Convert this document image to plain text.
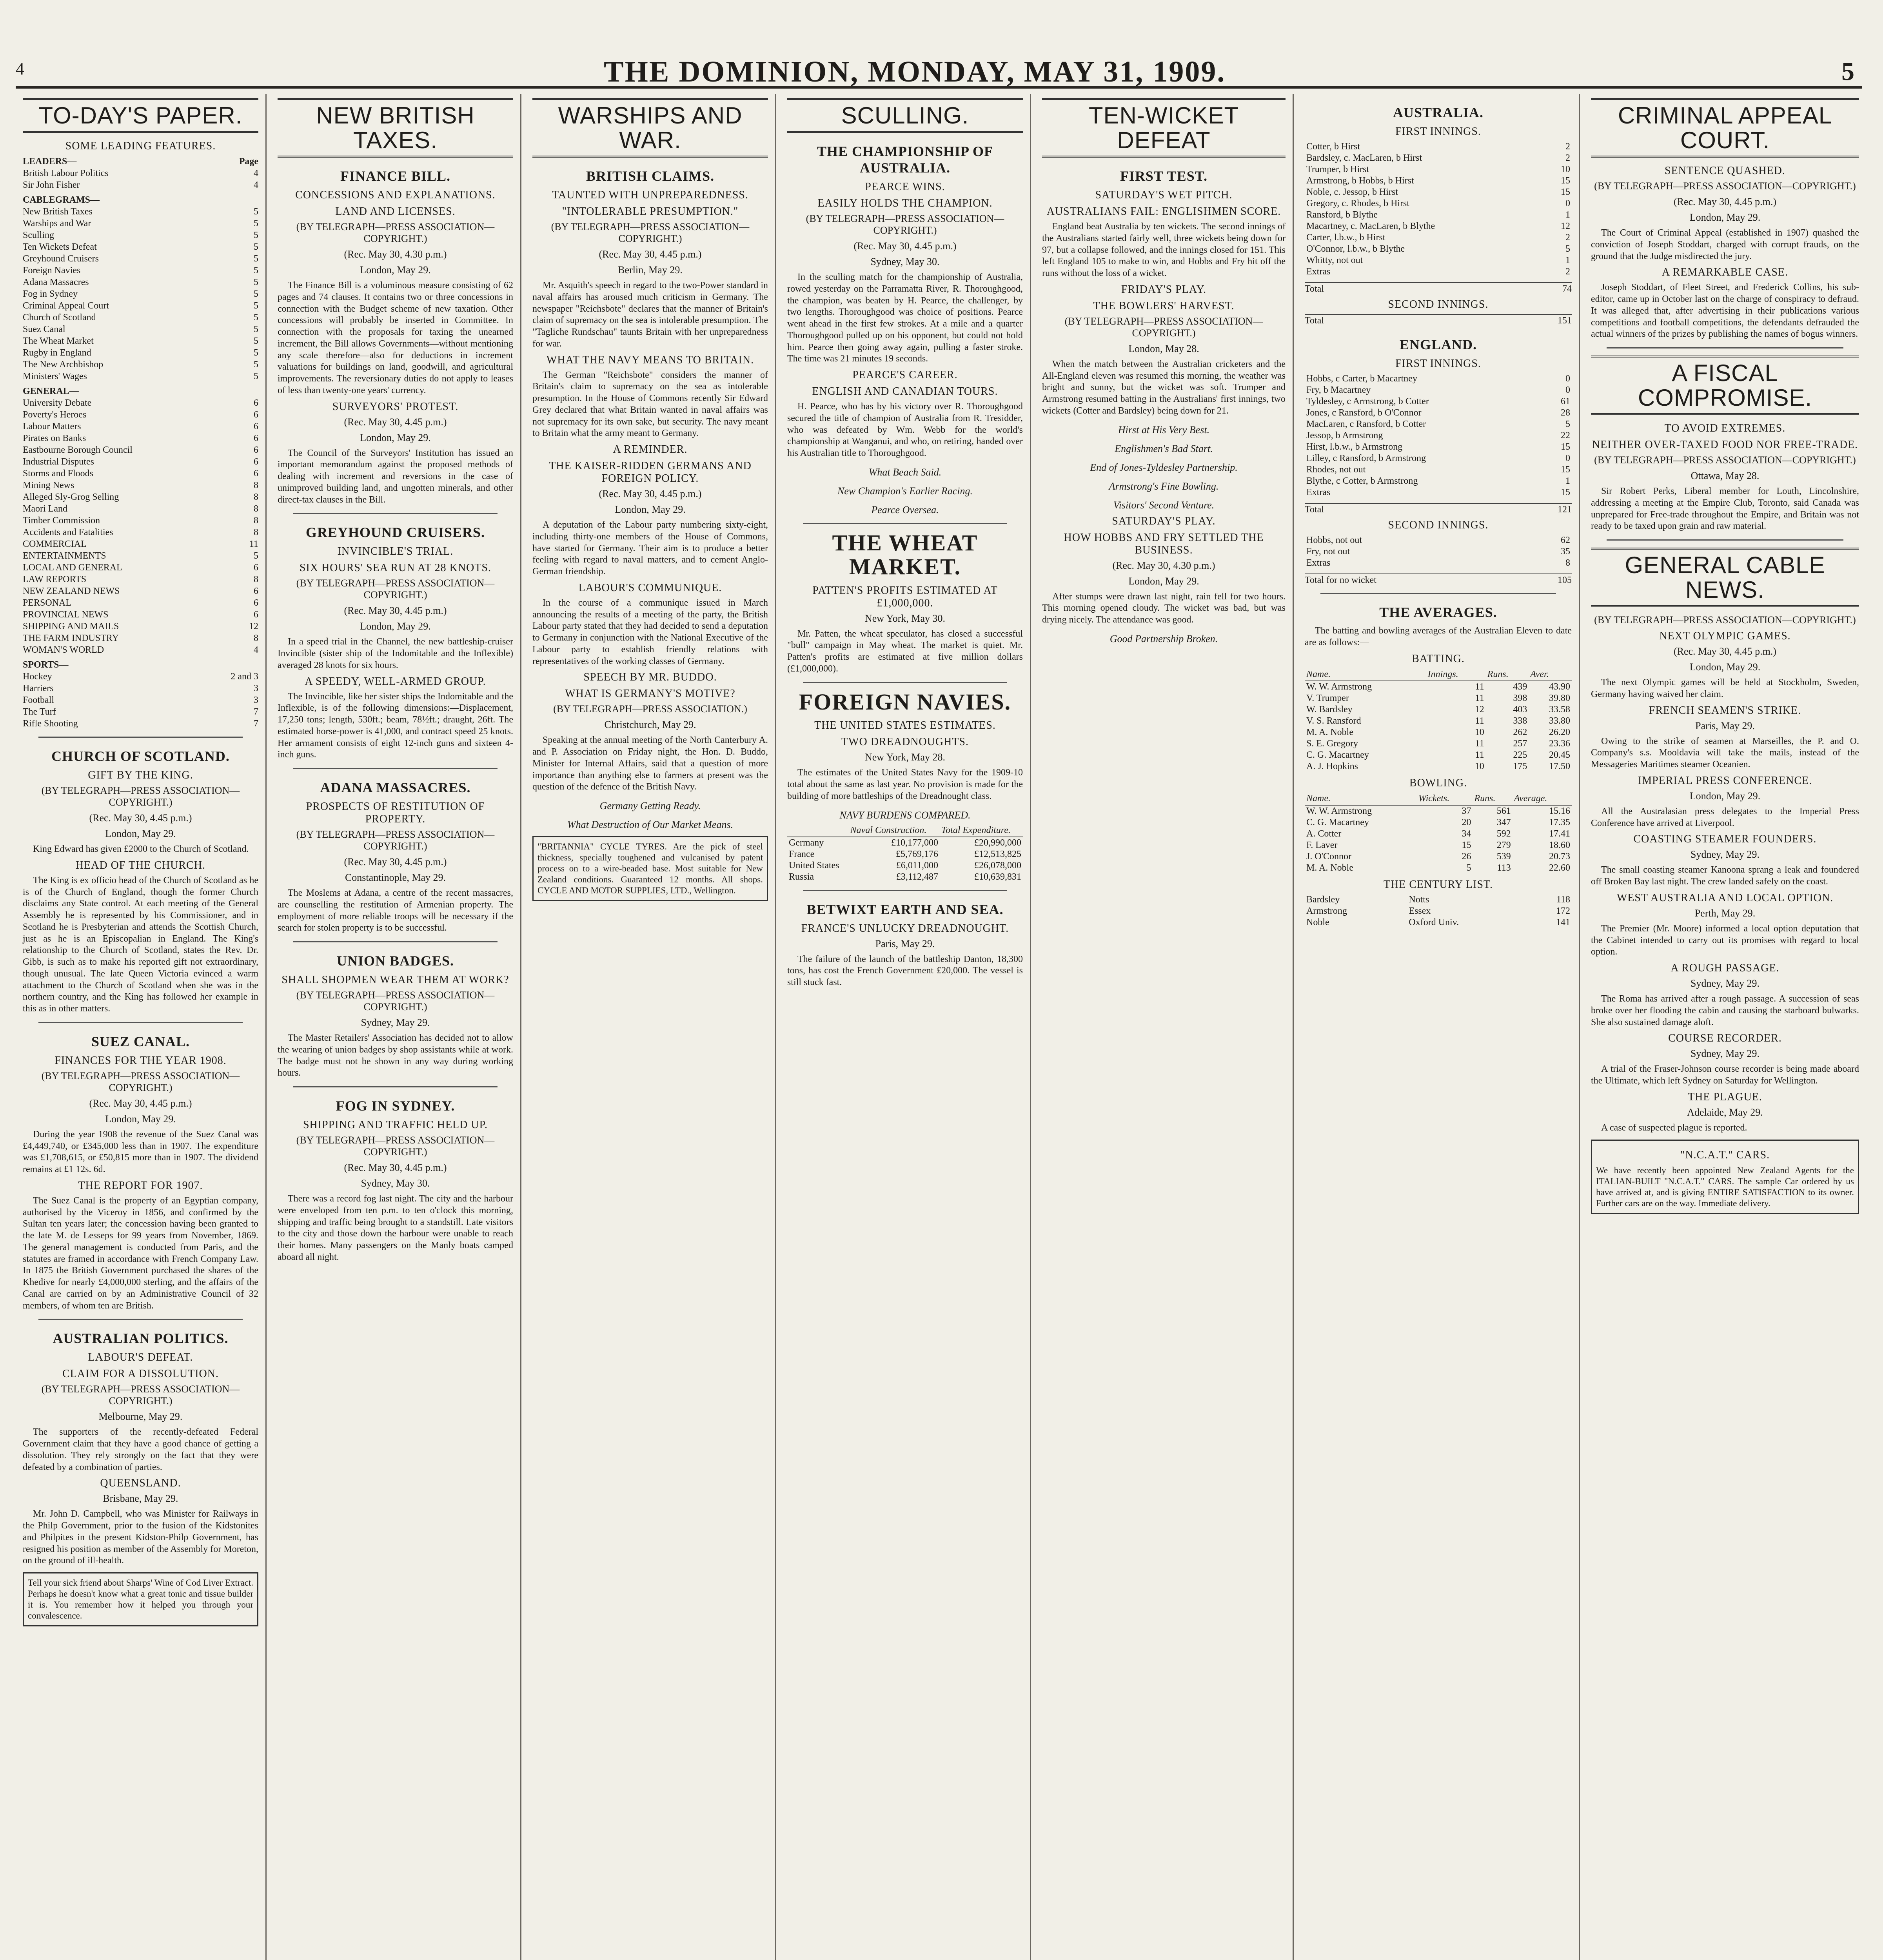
4	THE DOMINION, MONDAY, MAY 31, 1909.	5
TO-DAY'S PAPER.
SOME LEADING FEATURES.
LEADERS—	Page
British Labour Politics	4
Sir John Fisher	4
CABLEGRAMS—
New British Taxes	5
Warships and War	5
Sculling	5
Ten Wickets Defeat	5
Greyhound Cruisers	5
Foreign Navies	5
Adana Massacres	5
Fog in Sydney	5
Criminal Appeal Court	5
Church of Scotland	5
Suez Canal	5
The Wheat Market	5
Rugby in England	5
The New Archbishop	5
Ministers' Wages	5
GENERAL—
University Debate	6
Poverty's Heroes	6
Labour Matters	6
Pirates on Banks	6
Eastbourne Borough Council	6
Industrial Disputes	6
Storms and Floods	6
Mining News	8
Alleged Sly-Grog Selling	8
Maori Land	8
Timber Commission	8
Accidents and Fatalities	8
COMMERCIAL	11
ENTERTAINMENTS	5
LOCAL AND GENERAL	6
LAW REPORTS	8
NEW ZEALAND NEWS	6
PERSONAL	6
PROVINCIAL NEWS	6
SHIPPING AND MAILS	12
THE FARM INDUSTRY	8
WOMAN'S WORLD	4
SPORTS—
Hockey	2 and 3
Harriers	3
Football	3
The Turf	7
Rifle Shooting	7
CHURCH OF SCOTLAND.
GIFT BY THE KING.
(BY TELEGRAPH—PRESS ASSOCIATION—COPYRIGHT.)
(Rec. May 30, 4.45 p.m.)
London, May 29.

King Edward has given £2000 to the Church of Scotland.

HEAD OF THE CHURCH.

The King is ex officio head of the Church of Scotland as he is of the Church of England, though the former Church disclaims any State control. At each meeting of the General Assembly he is represented by his Commissioner, and in Scotland he is Presbyterian and attends the Scottish Church, just as he is an Episcopalian in England. The King's relationship to the Church of Scotland, states the Rev. Dr. Gibb, is such as to make his reported gift not extraordinary, though unusual. The late Queen Victoria evinced a warm attachment to the Church of Scotland when she was in the northern country, and the King has followed her example in this as in other matters.

SUEZ CANAL.
FINANCES FOR THE YEAR 1908.
(BY TELEGRAPH—PRESS ASSOCIATION—COPYRIGHT.)
(Rec. May 30, 4.45 p.m.)
London, May 29.

During the year 1908 the revenue of the Suez Canal was £4,449,740, or £345,000 less than in 1907. The expenditure was £1,708,615, or £50,815 more than in 1907. The dividend remains at £1 12s. 6d.

THE REPORT FOR 1907.

The Suez Canal is the property of an Egyptian company, authorised by the Viceroy in 1856, and confirmed by the Sultan ten years later; the concession having been granted to the late M. de Lesseps for 99 years from November, 1869. The general management is conducted from Paris, and the statutes are framed in accordance with French Company Law. In 1875 the British Government purchased the shares of the Khedive for nearly £4,000,000 sterling, and the affairs of the Canal are carried on by an Administrative Council of 32 members, of whom ten are British.

AUSTRALIAN POLITICS.
LABOUR'S DEFEAT.
CLAIM FOR A DISSOLUTION.
(BY TELEGRAPH—PRESS ASSOCIATION—COPYRIGHT.)
Melbourne, May 29.

The supporters of the recently-defeated Federal Government claim that they have a good chance of getting a dissolution. They rely strongly on the fact that they were defeated by a combination of parties.

QUEENSLAND.
Brisbane, May 29.

Mr. John D. Campbell, who was Minister for Railways in the Philp Government, prior to the fusion of the Kidstonites and Philpites in the present Kidston-Philp Government, has resigned his position as member of the Assembly for Moreton, on the ground of ill-health.

Tell your sick friend about Sharps' Wine of Cod Liver Extract. Perhaps he doesn't know what a great tonic and tissue builder it is. You remember how it helped you through your convalescence.
NEW BRITISH TAXES.
FINANCE BILL.
CONCESSIONS AND EXPLANATIONS.
LAND AND LICENSES.
(BY TELEGRAPH—PRESS ASSOCIATION—COPYRIGHT.)
(Rec. May 30, 4.30 p.m.)
London, May 29.

The Finance Bill is a voluminous measure consisting of 62 pages and 74 clauses. It contains two or three concessions in connection with the Budget scheme of new taxation. Other concessions will probably be inserted in Committee. In connection with the proposals for taxing the unearned increment, the Bill allows Governments—without mentioning any scale therefore—also for deductions in increment valuations for buildings on land, goodwill, and agricultural improvements. The reversionary duties do not apply to leases of less than twenty-one years' currency.

SURVEYORS' PROTEST.
(Rec. May 30, 4.45 p.m.)
London, May 29.

The Council of the Surveyors' Institution has issued an important memorandum against the proposed methods of dealing with increment and reversions in the case of unimproved building land, and ungotten minerals, and other direct-tax clauses in the Bill.

GREYHOUND CRUISERS.
INVINCIBLE'S TRIAL.
SIX HOURS' SEA RUN AT 28 KNOTS.
(BY TELEGRAPH—PRESS ASSOCIATION—COPYRIGHT.)
(Rec. May 30, 4.45 p.m.)
London, May 29.

In a speed trial in the Channel, the new battleship-cruiser Invincible (sister ship of the Indomitable and the Inflexible) averaged 28 knots for six hours.

A SPEEDY, WELL-ARMED GROUP.

The Invincible, like her sister ships the Indomitable and the Inflexible, is of the following dimensions:—Displacement, 17,250 tons; length, 530ft.; beam, 78½ft.; draught, 26ft. The estimated horse-power is 41,000, and contract speed 25 knots. Her armament consists of eight 12-inch guns and sixteen 4-inch guns.

ADANA MASSACRES.
PROSPECTS OF RESTITUTION OF PROPERTY.
(BY TELEGRAPH—PRESS ASSOCIATION—COPYRIGHT.)
(Rec. May 30, 4.45 p.m.)
Constantinople, May 29.

The Moslems at Adana, a centre of the recent massacres, are counselling the restitution of Armenian property. The employment of more reliable troops will be necessary if the search for stolen property is to be successful.

UNION BADGES.
SHALL SHOPMEN WEAR THEM AT WORK?
(BY TELEGRAPH—PRESS ASSOCIATION—COPYRIGHT.)
Sydney, May 29.

The Master Retailers' Association has decided not to allow the wearing of union badges by shop assistants while at work. The badge must not be shown in any way during working hours.

FOG IN SYDNEY.
SHIPPING AND TRAFFIC HELD UP.
(BY TELEGRAPH—PRESS ASSOCIATION—COPYRIGHT.)
(Rec. May 30, 4.45 p.m.)
Sydney, May 30.

There was a record fog last night. The city and the harbour were enveloped from ten p.m. to ten o'clock this morning, shipping and traffic being brought to a standstill. Late visitors to the city and those down the harbour were unable to reach their homes. Many passengers on the Manly boats camped aboard all night.

WARSHIPS AND WAR.
BRITISH CLAIMS.
TAUNTED WITH UNPREPAREDNESS.
"INTOLERABLE PRESUMPTION."
(BY TELEGRAPH—PRESS ASSOCIATION—COPYRIGHT.)
(Rec. May 30, 4.45 p.m.)
Berlin, May 29.

Mr. Asquith's speech in regard to the two-Power standard in naval affairs has aroused much criticism in Germany. The newspaper "Reichsbote" declares that the manner of Britain's claim of supremacy on the sea is intolerable presumption. The "Tagliche Rundschau" taunts Britain with her unpreparedness for war.

WHAT THE NAVY MEANS TO BRITAIN.

The German "Reichsbote" considers the manner of Britain's claim to supremacy on the sea as intolerable presumption. In the House of Commons recently Sir Edward Grey declared that what Britain wanted in naval affairs was not supremacy for its own sake, but security. The navy meant to Britain what the army meant to Germany.

A REMINDER.
THE KAISER-RIDDEN GERMANS AND FOREIGN POLICY.
(Rec. May 30, 4.45 p.m.)
London, May 29.

A deputation of the Labour party numbering sixty-eight, including thirty-one members of the House of Commons, have started for Germany. Their aim is to produce a better feeling with regard to naval matters, and to cement Anglo-German friendship.

LABOUR'S COMMUNIQUE.

In the course of a communique issued in March announcing the results of a meeting of the party, the British Labour party stated that they had decided to send a deputation to Germany in conjunction with the National Executive of the Labour party to establish friendly relations with representatives of the working classes of Germany.

SPEECH BY MR. BUDDO.
WHAT IS GERMANY'S MOTIVE?
(BY TELEGRAPH—PRESS ASSOCIATION.)
Christchurch, May 29.

Speaking at the annual meeting of the North Canterbury A. and P. Association on Friday night, the Hon. D. Buddo, Minister for Internal Affairs, said that a question of more importance than anything else to farmers at present was the question of the defence of the British Navy.

Germany Getting Ready.
What Destruction of Our Market Means.
"BRITANNIA" CYCLE TYRES. Are the pick of steel thickness, specially toughened and vulcanised by patent process on to a wire-beaded base. Most suitable for New Zealand conditions. Guaranteed 12 months. All shops. CYCLE AND MOTOR SUPPLIES, LTD., Wellington.
SCULLING.
THE CHAMPIONSHIP OF AUSTRALIA.
PEARCE WINS.
EASILY HOLDS THE CHAMPION.
(BY TELEGRAPH—PRESS ASSOCIATION—COPYRIGHT.)
(Rec. May 30, 4.45 p.m.)
Sydney, May 30.

In the sculling match for the championship of Australia, rowed yesterday on the Parramatta River, R. Thoroughgood, the champion, was beaten by H. Pearce, the challenger, by two lengths. Thoroughgood was choice of positions. Pearce went ahead in the first few strokes. At a mile and a quarter Thoroughgood pulled up on his opponent, but could not hold him. Pearce then going away again, pulling a faster stroke. The time was 21 minutes 19 seconds.

PEARCE'S CAREER.
ENGLISH AND CANADIAN TOURS.

H. Pearce, who has by his victory over R. Thoroughgood secured the title of champion of Australia from R. Tresidder, who was defeated by Wm. Webb for the world's championship at Wanganui, and who, on retiring, handed over his Australian title to Thoroughgood.

What Beach Said.
New Champion's Earlier Racing.
Pearce Oversea.
THE WHEAT MARKET.
PATTEN'S PROFITS ESTIMATED AT £1,000,000.
New York, May 30.

Mr. Patten, the wheat speculator, has closed a successful "bull" campaign in May wheat. The market is quiet. Mr. Patten's profits are estimated at five million dollars (£1,000,000).

FOREIGN NAVIES.
THE UNITED STATES ESTIMATES.
TWO DREADNOUGHTS.
New York, May 28.

The estimates of the United States Navy for the 1909-10 total about the same as last year. No provision is made for the building of more battleships of the Dreadnought class.

NAVY BURDENS COMPARED.
	Naval Construction.	Total Expenditure.
Germany	£10,177,000	£20,990,000
France	£5,769,176	£12,513,825
United States	£6,011,000	£26,078,000
Russia	£3,112,487	£10,639,831
BETWIXT EARTH AND SEA.
FRANCE'S UNLUCKY DREADNOUGHT.
Paris, May 29.

The failure of the launch of the battleship Danton, 18,300 tons, has cost the French Government £20,000. The vessel is still stuck fast.

TEN-WICKET DEFEAT
FIRST TEST.
SATURDAY'S WET PITCH.
AUSTRALIANS FAIL: ENGLISHMEN SCORE.

England beat Australia by ten wickets. The second innings of the Australians started fairly well, three wickets being down for 97, but a collapse followed, and the innings closed for 151. This left England 105 to make to win, and Hobbs and Fry hit off the runs without the loss of a wicket.

FRIDAY'S PLAY.
THE BOWLERS' HARVEST.
(BY TELEGRAPH—PRESS ASSOCIATION—COPYRIGHT.)
London, May 28.

When the match between the Australian cricketers and the All-England eleven was resumed this morning, the weather was bright and sunny, but the wicket was soft. Trumper and Armstrong resumed batting in the Australians' first innings, two wickets (Cotter and Bardsley) being down for 21.

Hirst at His Very Best.
Englishmen's Bad Start.
End of Jones-Tyldesley Partnership.
Armstrong's Fine Bowling.
Visitors' Second Venture.
SATURDAY'S PLAY.
HOW HOBBS AND FRY SETTLED THE BUSINESS.
(Rec. May 30, 4.30 p.m.)
London, May 29.

After stumps were drawn last night, rain fell for two hours. This morning opened cloudy. The wicket was bad, but was drying nicely. The attendance was good.

Good Partnership Broken.
AUSTRALIA.
FIRST INNINGS.
Cotter, b Hirst	2
Bardsley, c. MacLaren, b Hirst	2
Trumper, b Hirst	10
Armstrong, b Hobbs, b Hirst	15
Noble, c. Jessop, b Hirst	15
Gregory, c. Rhodes, b Hirst	0
Ransford, b Blythe	1
Macartney, c. MacLaren, b Blythe	12
Carter, l.b.w., b Hirst	2
O'Connor, l.b.w., b Blythe	5
Whitty, not out	1
Extras	2
Total	74
SECOND INNINGS.
Total	151
ENGLAND.
FIRST INNINGS.
Hobbs, c Carter, b Macartney	0
Fry, b Macartney	0
Tyldesley, c Armstrong, b Cotter	61
Jones, c Ransford, b O'Connor	28
MacLaren, c Ransford, b Cotter	5
Jessop, b Armstrong	22
Hirst, l.b.w., b Armstrong	15
Lilley, c Ransford, b Armstrong	0
Rhodes, not out	15
Blythe, c Cotter, b Armstrong	1
Extras	15
Total	121
SECOND INNINGS.
Hobbs, not out	62
Fry, not out	35
Extras	8
Total for no wicket	105
THE AVERAGES.

The batting and bowling averages of the Australian Eleven to date are as follows:—

BATTING.
Name.	Innings.	Runs.	Aver.
W. W. Armstrong	11	439	43.90
V. Trumper	11	398	39.80
W. Bardsley	12	403	33.58
V. S. Ransford	11	338	33.80
M. A. Noble	10	262	26.20
S. E. Gregory	11	257	23.36
C. G. Macartney	11	225	20.45
A. J. Hopkins	10	175	17.50
BOWLING.
Name.	Wickets.	Runs.	Average.
W. W. Armstrong	37	561	15.16
C. G. Macartney	20	347	17.35
A. Cotter	34	592	17.41
F. Laver	15	279	18.60
J. O'Connor	26	539	20.73
M. A. Noble	5	113	22.60
THE CENTURY LIST.
Bardsley	Notts	118
Armstrong	Essex	172
Noble	Oxford Univ.	141
CRIMINAL APPEAL COURT.
SENTENCE QUASHED.
(BY TELEGRAPH—PRESS ASSOCIATION—COPYRIGHT.)
(Rec. May 30, 4.45 p.m.)
London, May 29.

The Court of Criminal Appeal (established in 1907) quashed the conviction of Joseph Stoddart, charged with corrupt frauds, on the ground that the Judge misdirected the jury.

A REMARKABLE CASE.

Joseph Stoddart, of Fleet Street, and Frederick Collins, his sub-editor, came up in October last on the charge of conspiracy to defraud. It was alleged that, after advertising in their publications various competitions and football competitions, the defendants defrauded the actual winners of the prizes by publishing the names of bogus winners.

A FISCAL COMPROMISE.
TO AVOID EXTREMES.
NEITHER OVER-TAXED FOOD NOR FREE-TRADE.
(BY TELEGRAPH—PRESS ASSOCIATION—COPYRIGHT.)
Ottawa, May 28.

Sir Robert Perks, Liberal member for Louth, Lincolnshire, addressing a meeting at the Empire Club, Toronto, said Canada was unprepared for Free-trade throughout the Empire, and Britain was not ready to be taxed upon grain and raw material.

GENERAL CABLE NEWS.
(BY TELEGRAPH—PRESS ASSOCIATION—COPYRIGHT.)
NEXT OLYMPIC GAMES.
(Rec. May 30, 4.45 p.m.)
London, May 29.

The next Olympic games will be held at Stockholm, Sweden, Germany having waived her claim.

FRENCH SEAMEN'S STRIKE.
Paris, May 29.

Owing to the strike of seamen at Marseilles, the P. and O. Company's s.s. Mooldavia will take the mails, instead of the Messageries Maritimes steamer Oceanien.

IMPERIAL PRESS CONFERENCE.
London, May 29.

All the Australasian press delegates to the Imperial Press Conference have arrived at Liverpool.

COASTING STEAMER FOUNDERS.
Sydney, May 29.

The small coasting steamer Kanoona sprang a leak and foundered off Broken Bay last night. The crew landed safely on the coast.

WEST AUSTRALIA AND LOCAL OPTION.
Perth, May 29.

The Premier (Mr. Moore) informed a local option deputation that the Cabinet intended to carry out its promises with regard to local option.

A ROUGH PASSAGE.
Sydney, May 29.

The Roma has arrived after a rough passage. A succession of seas broke over her flooding the cabin and causing the starboard bulwarks. She also sustained damage aloft.

COURSE RECORDER.
Sydney, May 29.

A trial of the Fraser-Johnson course recorder is being made aboard the Ultimate, which left Sydney on Saturday for Wellington.

THE PLAGUE.
Adelaide, May 29.

A case of suspected plague is reported.

"N.C.A.T." CARS.
We have recently been appointed New Zealand Agents for the ITALIAN-BUILT "N.C.A.T." CARS. The sample Car ordered by us have arrived at, and is giving ENTIRE SATISFACTION to its owner. Further cars are on the way. Immediate delivery.
